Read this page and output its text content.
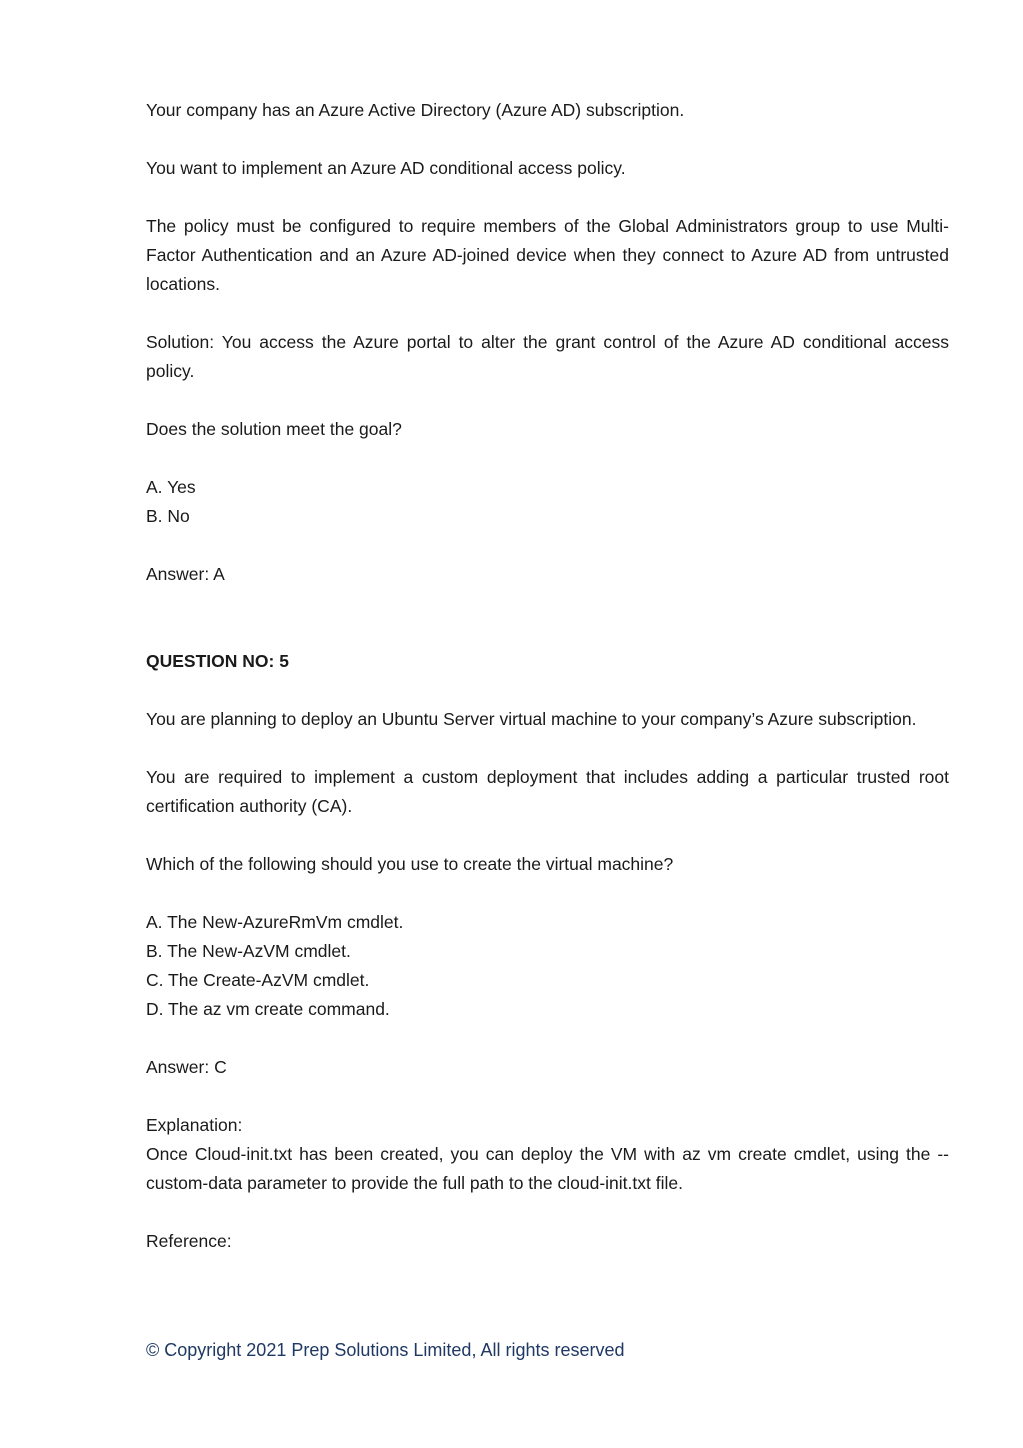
Your company has an Azure Active Directory (Azure AD) subscription.

You want to implement an Azure AD conditional access policy.

The policy must be configured to require members of the Global Administrators group to use Multi-Factor Authentication and an Azure AD-joined device when they connect to Azure AD from untrusted locations.

Solution: You access the Azure portal to alter the grant control of the Azure AD conditional access policy.

Does the solution meet the goal?

A. Yes
B. No

Answer: A

QUESTION NO: 5

You are planning to deploy an Ubuntu Server virtual machine to your company’s Azure subscription.

You are required to implement a custom deployment that includes adding a particular trusted root certification authority (CA).

Which of the following should you use to create the virtual machine?

A. The New-AzureRmVm cmdlet.
B. The New-AzVM cmdlet.
C. The Create-AzVM cmdlet.
D. The az vm create command.

Answer: C

Explanation:
Once Cloud-init.txt has been created, you can deploy the VM with az vm create cmdlet, using the --custom-data parameter to provide the full path to the cloud-init.txt file.

Reference:

© Copyright 2021 Prep Solutions Limited, All rights reserved
